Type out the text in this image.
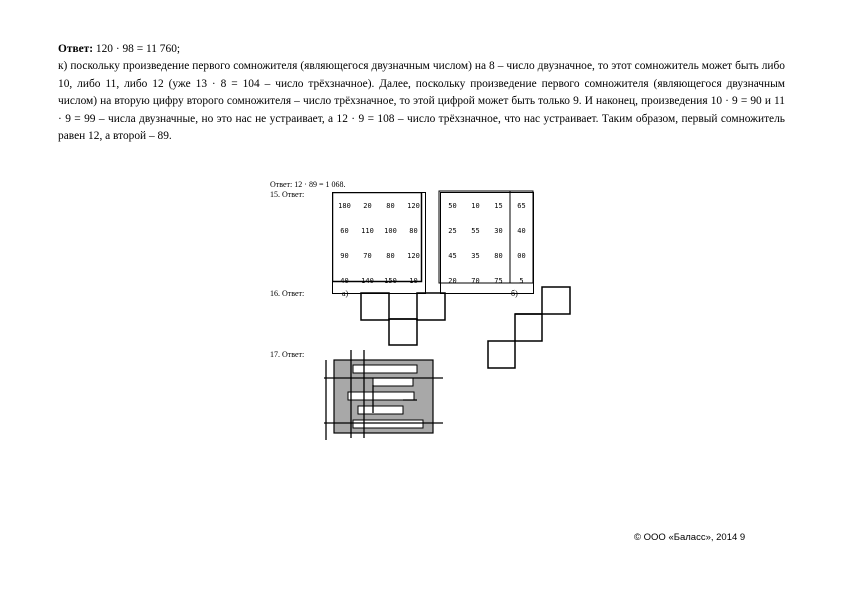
Ответ: 120 · 98 = 11 760;

к) поскольку произведение первого сомножителя (являющегося двузначным числом) на 8 – число двузначное, то этот сомножитель может быть либо 10, либо 11, либо 12 (уже 13 · 8 = 104 – число трёхзначное). Далее, поскольку произведение первого сомножителя (являющегося двузначным числом) на вторую цифру второго сомножителя – число трёхзначное, то этой цифрой может быть только 9. И наконец, произведения 10 · 9 = 90 и 11 · 9 = 99 – числа двузначные, но это нас не устраивает, а 12 · 9 = 108 – число трёхзначное, что нас устраивает. Таким образом, первый сомножитель равен 12, а второй – 89.

Ответ: 12 · 89 = 1 068.
15. Ответ:
180	20	80	120
60	110	100	80
90	70	80	120
40	140	150	10
50	10	15	65
25	55	30	40
45	35	80	00
20	70	75	5
16. Ответ:	а)	б)
17. Ответ:
© ООО «Баласс», 2014 9
